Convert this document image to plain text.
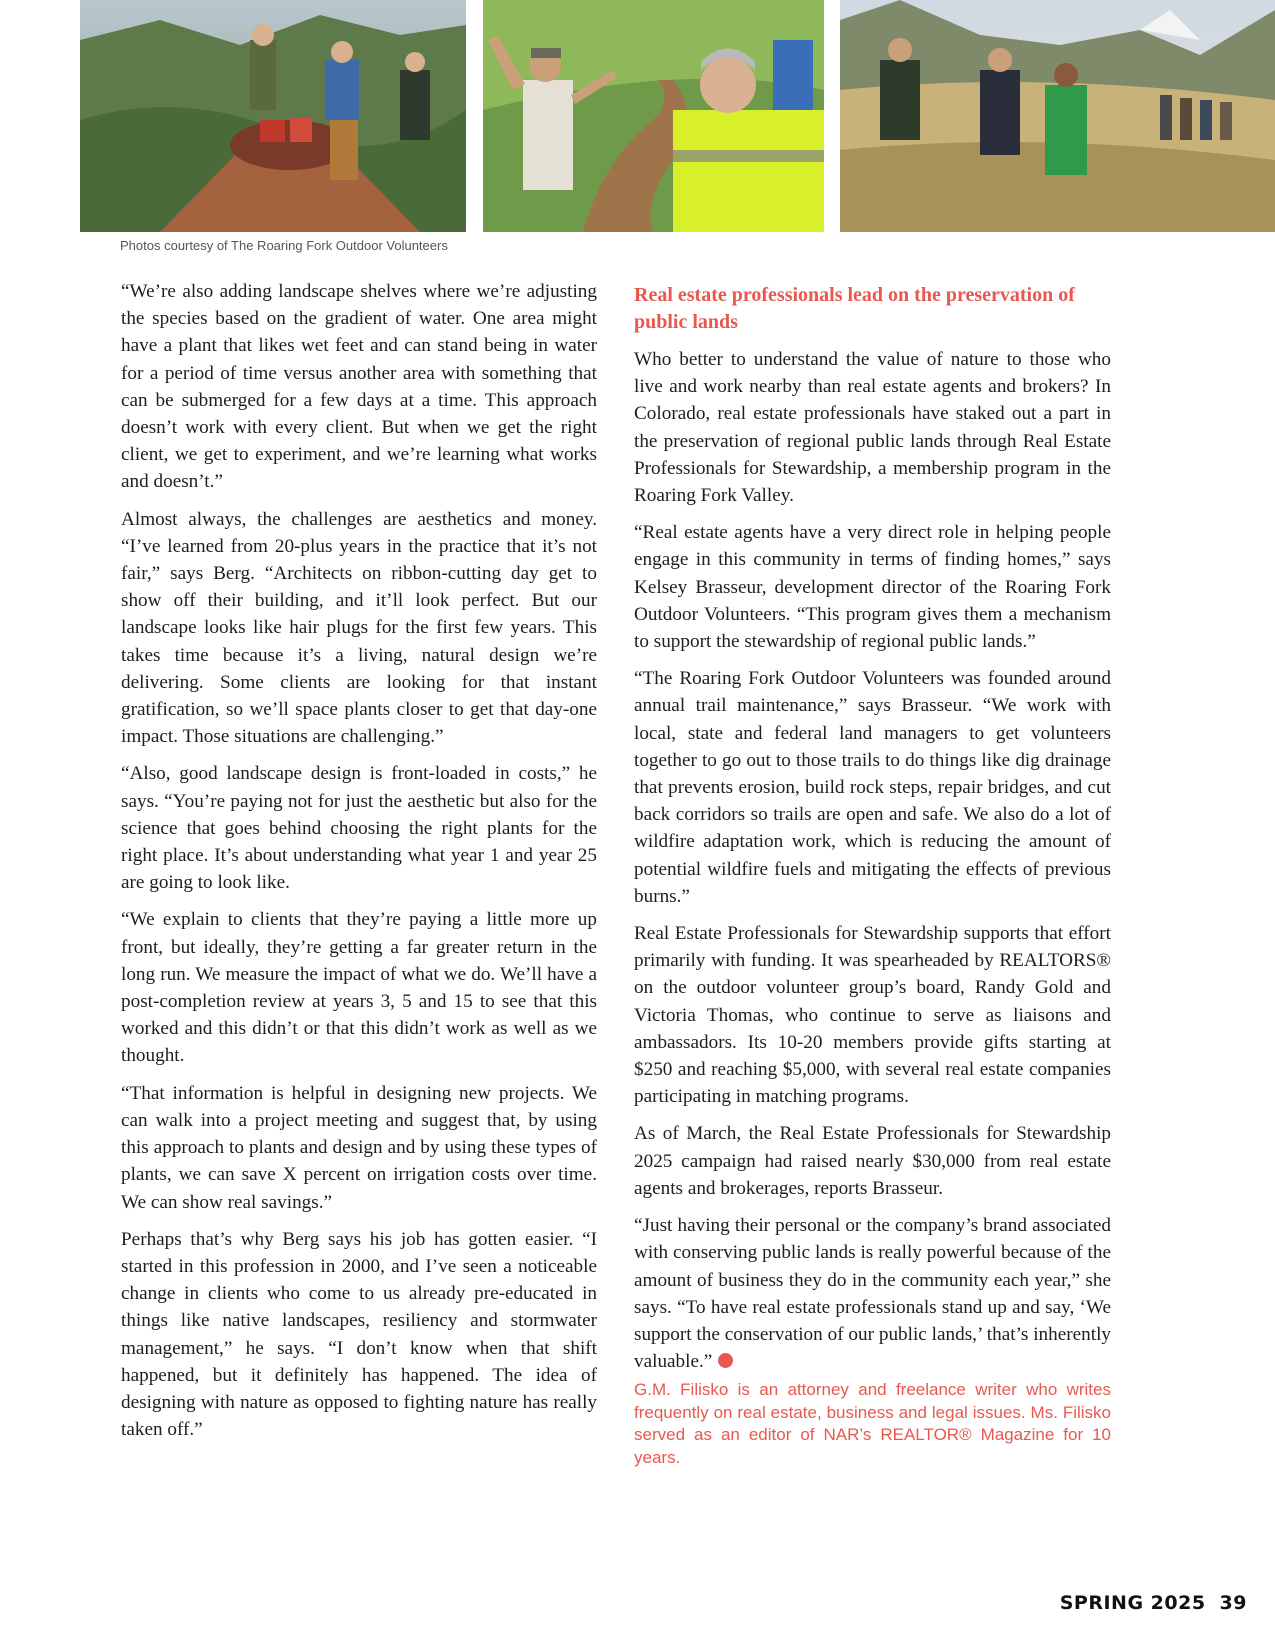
Photos courtesy of The Roaring Fork Outdoor Volunteers

“We’re also adding landscape shelves where we’re adjusting the species based on the gradient of water. One area might have a plant that likes wet feet and can stand being in water for a period of time versus another area with something that can be submerged for a few days at a time. This approach doesn’t work with every client. But when we get the right client, we get to experiment, and we’re learning what works and doesn’t.”

Almost always, the challenges are aesthetics and money. “I’ve learned from 20-plus years in the practice that it’s not fair,” says Berg. “Architects on ribbon-cutting day get to show off their building, and it’ll look perfect. But our landscape looks like hair plugs for the first few years. This takes time because it’s a living, natural design we’re delivering. Some clients are looking for that instant gratification, so we’ll space plants closer to get that day-one impact. Those situations are challenging.”

“Also, good landscape design is front-loaded in costs,” he says. “You’re paying not for just the aesthetic but also for the science that goes behind choosing the right plants for the right place. It’s about understanding what year 1 and year 25 are going to look like.

“We explain to clients that they’re paying a little more up front, but ideally, they’re getting a far greater return in the long run. We measure the impact of what we do. We’ll have a post-completion review at years 3, 5 and 15 to see that this worked and this didn’t or that this didn’t work as well as we thought.

“That information is helpful in designing new projects. We can walk into a project meeting and suggest that, by using this approach to plants and design and by using these types of plants, we can save X percent on irrigation costs over time. We can show real savings.”

Perhaps that’s why Berg says his job has gotten easier. “I started in this profession in 2000, and I’ve seen a noticeable change in clients who come to us already pre-educated in things like native landscapes, resiliency and stormwater management,” he says. “I don’t know when that shift happened, but it definitely has happened. The idea of designing with nature as opposed to fighting nature has really taken off.”

Real estate professionals lead on the preservation of public lands

Who better to understand the value of nature to those who live and work nearby than real estate agents and brokers? In Colorado, real estate professionals have staked out a part in the preservation of regional public lands through Real Estate Professionals for Stewardship, a membership program in the Roaring Fork Valley.

“Real estate agents have a very direct role in helping people engage in this community in terms of finding homes,” says Kelsey Brasseur, development director of the Roaring Fork Outdoor Volunteers. “This program gives them a mechanism to support the stewardship of regional public lands.”

“The Roaring Fork Outdoor Volunteers was founded around annual trail maintenance,” says Brasseur. “We work with local, state and federal land managers to get volunteers together to go out to those trails to do things like dig drainage that prevents erosion, build rock steps, repair bridges, and cut back corridors so trails are open and safe. We also do a lot of wildfire adaptation work, which is reducing the amount of potential wildfire fuels and mitigating the effects of previous burns.”

Real Estate Professionals for Stewardship supports that effort primarily with funding. It was spearheaded by REALTORS® on the outdoor volunteer group’s board, Randy Gold and Victoria Thomas, who continue to serve as liaisons and ambassadors. Its 10-20 members provide gifts starting at $250 and reaching $5,000, with several real estate companies participating in matching programs.

As of March, the Real Estate Professionals for Stewardship 2025 campaign had raised nearly $30,000 from real estate agents and brokerages, reports Brasseur.

“Just having their personal or the company’s brand associated with conserving public lands is really powerful because of the amount of business they do in the community each year,” she says. “To have real estate professionals stand up and say, ‘We support the conservation of our public lands,’ that’s inherently valuable.”

G.M. Filisko is an attorney and freelance writer who writes frequently on real estate, business and legal issues. Ms. Filisko served as an editor of NAR’s REALTOR® Magazine for 10 years.
SPRING 2025 39
